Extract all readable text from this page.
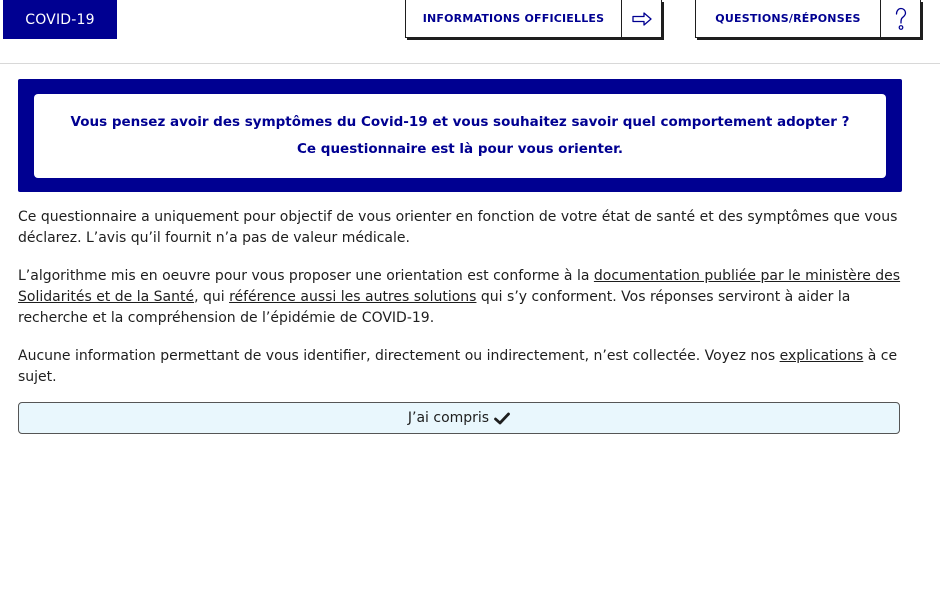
COVID-19	INFORMATIONS OFFICIELLES	QUESTIONS/RÉPONSES
Vous pensez avoir des symptômes du Covid-19 et vous souhaitez savoir quel comportement adopter ?
Ce questionnaire est là pour vous orienter.

Ce questionnaire a uniquement pour objectif de vous orienter en fonction de votre état de santé et des symptômes que vous déclarez. L’avis qu’il fournit n’a pas de valeur médicale.

L’algorithme mis en oeuvre pour vous proposer une orientation est conforme à la documentation publiée par le ministère des Solidarités et de la Santé, qui référence aussi les autres solutions qui s’y conforment. Vos réponses serviront à aider la recherche et la compréhension de l’épidémie de COVID-19.

Aucune information permettant de vous identifier, directement ou indirectement, n’est collectée. Voyez nos explications à ce sujet.

J’ai compris
